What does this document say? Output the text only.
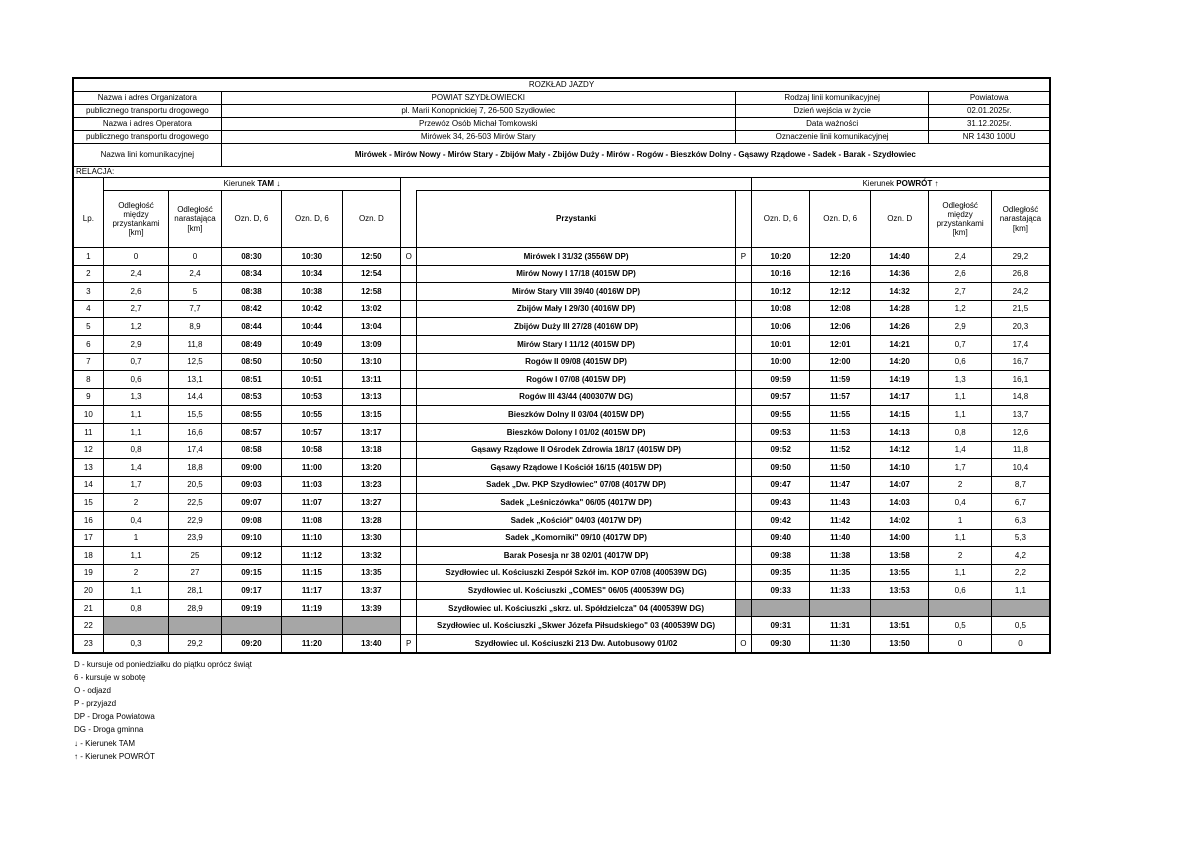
ROZKŁAD JAZDY													
Nazwa i adres Organizatora			POWIAT SZYDŁOWIECKI					Rodzaj linii komunikacyjnej				Powiatowa	
publicznego transportu drogowego			pl. Marii Konopnickiej 7, 26-500 Szydłowiec					Dzień wejścia w życie				02.01.2025r.	
Nazwa i adres Operatora			Przewóz Osób Michał Tomkowski					Data ważności				31.12.2025r.	
publicznego transportu drogowego			Mirówek 34, 26-503 Mirów Stary					Oznaczenie linii komunikacyjnej				NR 1430 100U	
Nazwa lini komunikacyjnej			Mirówek - Mirów Nowy - Mirów Stary - Zbijów Mały - Zbijów Duży - Mirów - Rogów - Bieszków Dolny - Gąsawy Rządowe - Sadek - Barak - Szydłowiec										
RELACJA:													
	Kierunek TAM ↓								Kierunek POWRÓT ↑				
Lp.	Odległość między przystankami [km]	Odległość narastająca [km]	Ozn. D, 6	Ozn. D, 6	Ozn. D		Przystanki		Ozn. D, 6	Ozn. D, 6	Ozn. D	Odległość między przystankami [km]	Odległość narastająca [km]
1	0	0	08:30	10:30	12:50	O	Mirówek I 31/32 (3556W DP)	P	10:20	12:20	14:40	2,4	29,2
2	2,4	2,4	08:34	10:34	12:54		Mirów Nowy I 17/18 (4015W DP)		10:16	12:16	14:36	2,6	26,8
3	2,6	5	08:38	10:38	12:58		Mirów Stary VIII 39/40 (4016W DP)		10:12	12:12	14:32	2,7	24,2
4	2,7	7,7	08:42	10:42	13:02		Zbijów Mały I 29/30 (4016W DP)		10:08	12:08	14:28	1,2	21,5
5	1,2	8,9	08:44	10:44	13:04		Zbijów Duży III 27/28 (4016W DP)		10:06	12:06	14:26	2,9	20,3
6	2,9	11,8	08:49	10:49	13:09		Mirów Stary I 11/12 (4015W DP)		10:01	12:01	14:21	0,7	17,4
7	0,7	12,5	08:50	10:50	13:10		Rogów II 09/08 (4015W DP)		10:00	12:00	14:20	0,6	16,7
8	0,6	13,1	08:51	10:51	13:11		Rogów I 07/08 (4015W DP)		09:59	11:59	14:19	1,3	16,1
9	1,3	14,4	08:53	10:53	13:13		Rogów III 43/44 (400307W DG)		09:57	11:57	14:17	1,1	14,8
10	1,1	15,5	08:55	10:55	13:15		Bieszków Dolny II 03/04 (4015W DP)		09:55	11:55	14:15	1,1	13,7
11	1,1	16,6	08:57	10:57	13:17		Bieszków Dolony I 01/02 (4015W DP)		09:53	11:53	14:13	0,8	12,6
12	0,8	17,4	08:58	10:58	13:18		Gąsawy Rządowe II Ośrodek Zdrowia 18/17 (4015W DP)		09:52	11:52	14:12	1,4	11,8
13	1,4	18,8	09:00	11:00	13:20		Gąsawy Rządowe I Kościół 16/15 (4015W DP)		09:50	11:50	14:10	1,7	10,4
14	1,7	20,5	09:03	11:03	13:23		Sadek „Dw. PKP Szydłowiec" 07/08 (4017W DP)		09:47	11:47	14:07	2	8,7
15	2	22,5	09:07	11:07	13:27		Sadek „Leśniczówka" 06/05 (4017W DP)		09:43	11:43	14:03	0,4	6,7
16	0,4	22,9	09:08	11:08	13:28		Sadek „Kościół" 04/03 (4017W DP)		09:42	11:42	14:02	1	6,3
17	1	23,9	09:10	11:10	13:30		Sadek „Komorniki" 09/10 (4017W DP)		09:40	11:40	14:00	1,1	5,3
18	1,1	25	09:12	11:12	13:32		Barak Posesja nr 38 02/01 (4017W DP)		09:38	11:38	13:58	2	4,2
19	2	27	09:15	11:15	13:35		Szydłowiec ul. Kościuszki Zespół Szkół im. KOP 07/08 (400539W DG)		09:35	11:35	13:55	1,1	2,2
20	1,1	28,1	09:17	11:17	13:37		Szydłowiec ul. Kościuszki „COMES" 06/05 (400539W DG)		09:33	11:33	13:53	0,6	1,1
21	0,8	28,9	09:19	11:19	13:39		Szydłowiec ul. Kościuszki „skrz. ul. Spółdzielcza" 04 (400539W DG)						
22							Szydłowiec ul. Kościuszki „Skwer Józefa Piłsudskiego" 03 (400539W DG)		09:31	11:31	13:51	0,5	0,5
23	0,3	29,2	09:20	11:20	13:40	P	Szydłowiec ul. Kościuszki 213 Dw. Autobusowy 01/02	O	09:30	11:30	13:50	0	0
D - kursuje od poniedziałku do piątku oprócz świąt
6 - kursuje w sobotę
O - odjazd
P - przyjazd
DP - Droga Powiatowa
DG - Droga gminna
↓ - Kierunek TAM
↑ - Kierunek POWRÓT
